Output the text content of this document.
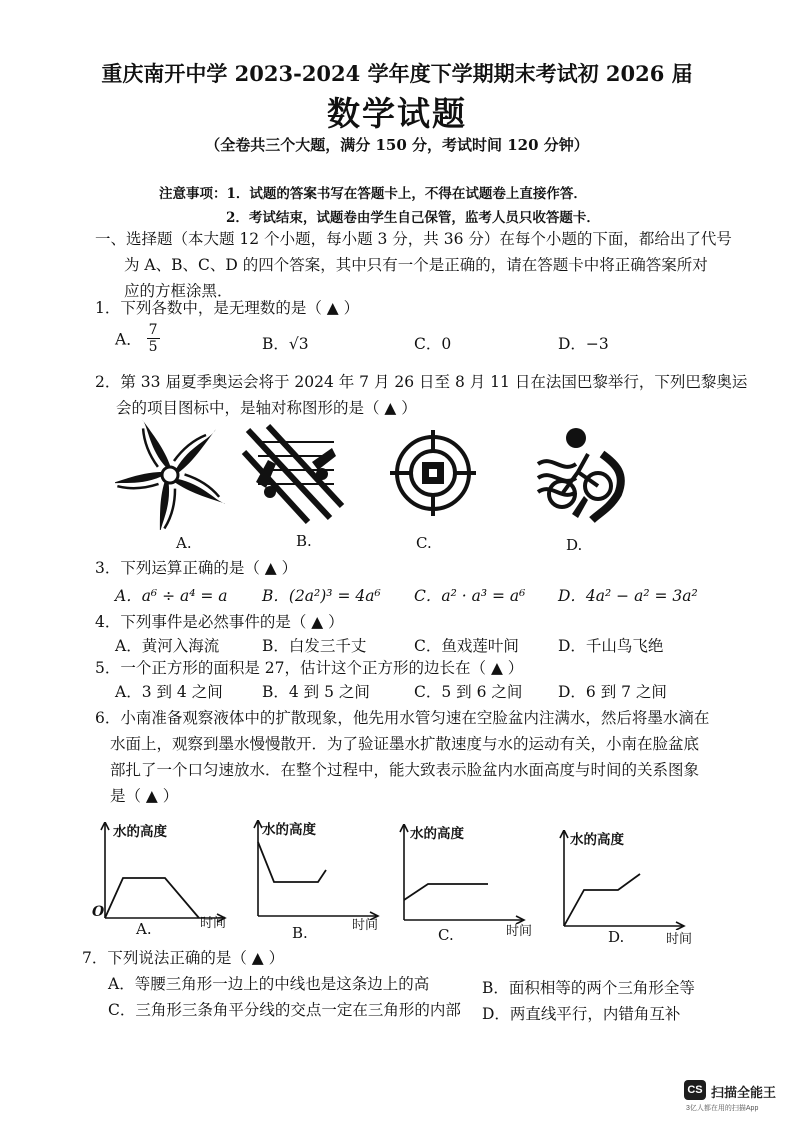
重庆南开中学 2023-2024 学年度下学期期末考试初 2026 届
数学试题
（全卷共三个大题，满分 150 分，考试时间 120 分钟）
注意事项：1．试题的答案书写在答题卡上，不得在试题卷上直接作答．
2．考试结束，试题卷由学生自己保管，监考人员只收答题卡．
一、选择题（本大题 12 个小题，每小题 3 分，共 36 分）在每个小题的下面，都给出了代号
为 A、B、C、D 的四个答案，其中只有一个是正确的，请在答题卡中将正确答案所对
应的方框涂黑．
1．下列各数中，是无理数的是（ ▲ ）
A． $\frac{7}{5}$	B．√3	C．0	D．−3
2．第 33 届夏季奥运会将于 2024 年 7 月 26 日至 8 月 11 日在法国巴黎举行，下列巴黎奥运
会的项目图标中，是轴对称图形的是（ ▲ ）
A.	B.	C.	D.
3．下列运算正确的是（ ▲ ）
A．a⁶ ÷ a⁴ = a B．(2a²)³ = 4a⁶ C．a² · a³ = a⁶ D．4a² − a² = 3a²
4．下列事件是必然事件的是（ ▲ ）
A．黄河入海流	B．白发三千丈	C．鱼戏莲叶间	D．千山鸟飞绝
5．一个正方形的面积是 27，估计这个正方形的边长在（ ▲ ）
A．3 到 4 之间	B．4 到 5 之间	C．5 到 6 之间 D．6 到 7 之间
6．小南准备观察液体中的扩散现象，他先用水管匀速在空脸盆内注满水，然后将墨水滴在
水面上，观察到墨水慢慢散开．为了验证墨水扩散速度与水的运动有关，小南在脸盆底
部扎了一个口匀速放水．在整个过程中，能大致表示脸盆内水面高度与时间的关系图象
是（ ▲ ）
水的高度
O
时间
A.
水的高度
时间
B.
水的高度
时间
C.
水的高度
时间
D.
7．下列说法正确的是（ ▲ ）
A．等腰三角形一边上的中线也是这条边上的高	B．面积相等的两个三角形全等
C．三角形三条角平分线的交点一定在三角形的内部 D．两直线平行，内错角互补
CS 扫描全能王
3亿人都在用的扫描App
